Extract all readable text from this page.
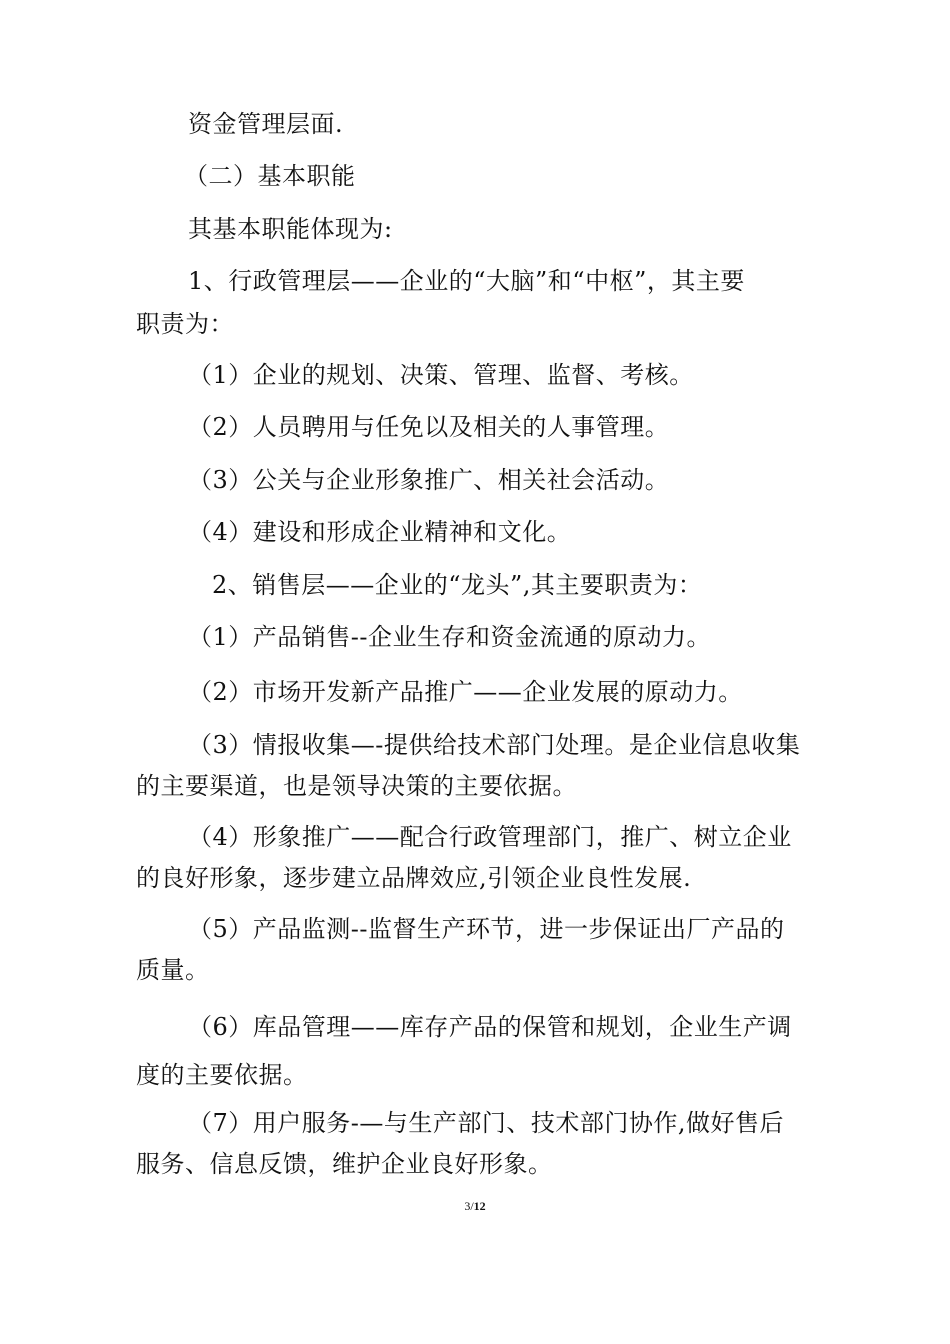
资金管理层面.
（二）基本职能
其基本职能体现为:
1、行政管理层——企业的“大脑”和“中枢”，其主要
职责为：
（1）企业的规划、决策、管理、监督、考核。
（2）人员聘用与任免以及相关的人事管理。
（3）公关与企业形象推广、相关社会活动。
（4）建设和形成企业精神和文化。
2、销售层——企业的“龙头”,其主要职责为：
（1）产品销售--企业生存和资金流通的原动力。
（2）市场开发新产品推广——企业发展的原动力。
（3）情报收集—-提供给技术部门处理。是企业信息收集
的主要渠道，也是领导决策的主要依据。
（4）形象推广——配合行政管理部门，推广、树立企业
的良好形象，逐步建立品牌效应,引领企业良性发展.
（5）产品监测--监督生产环节，进一步保证出厂产品的
质量。
（6）库品管理——库存产品的保管和规划，企业生产调
度的主要依据。
（7）用户服务-—与生产部门、技术部门协作,做好售后
服务、信息反馈，维护企业良好形象。
3/12
